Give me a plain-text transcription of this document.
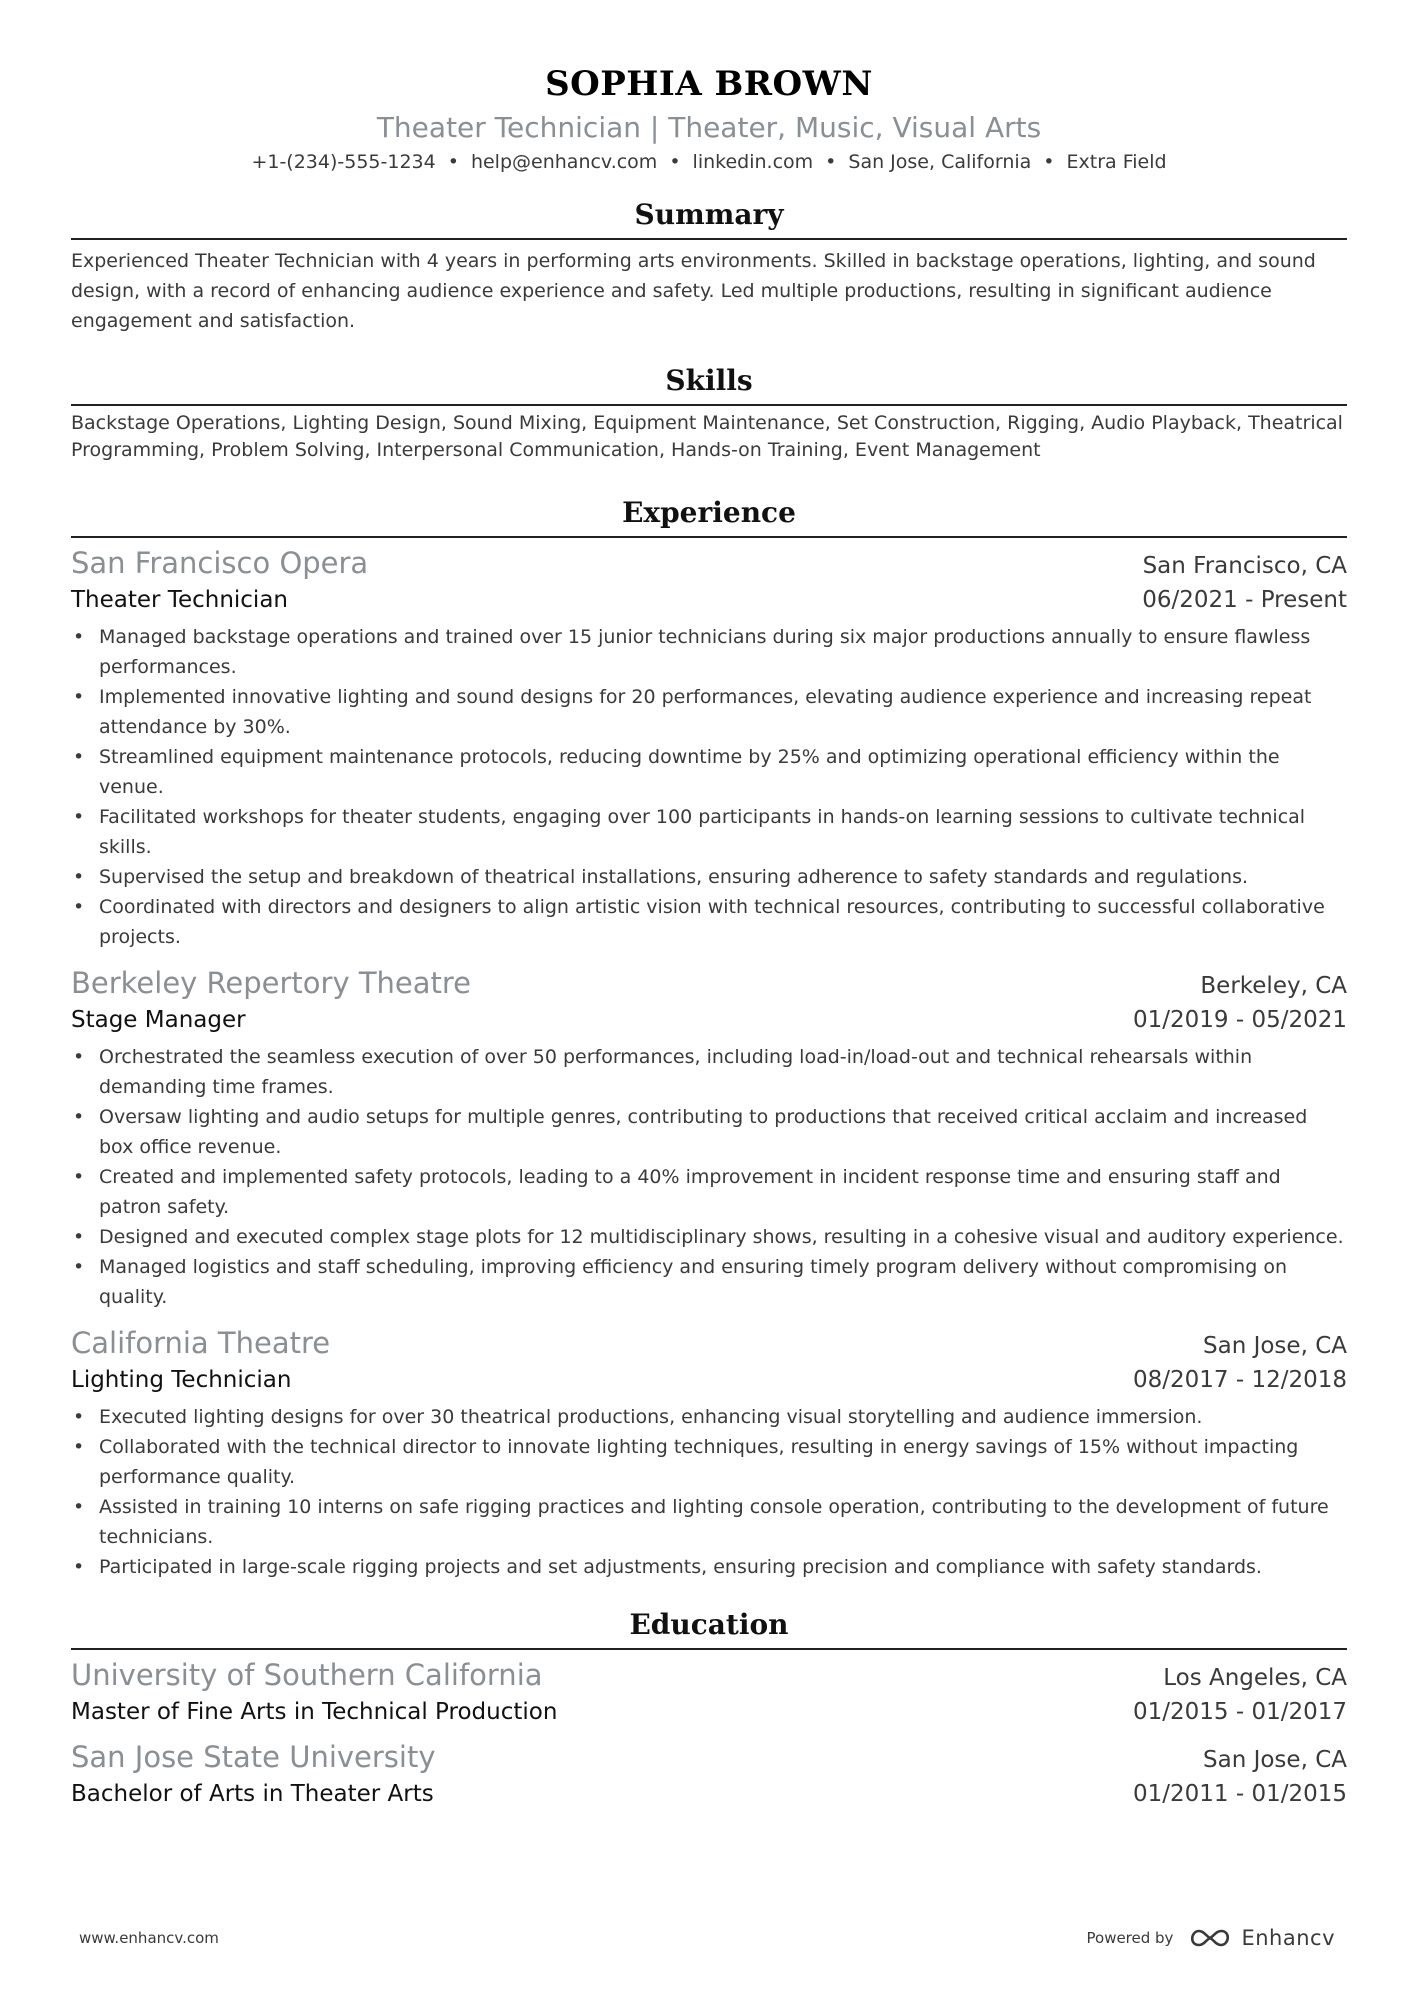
SOPHIA BROWN
Theater Technician | Theater, Music, Visual Arts
+1-(234)-555-1234 • help@enhancv.com • linkedin.com • San Jose, California • Extra Field
Summary
Experienced Theater Technician with 4 years in performing arts environments. Skilled in backstage operations, lighting, and sound design, with a record of enhancing audience experience and safety. Led multiple productions, resulting in significant audience engagement and satisfaction.
Skills
Backstage Operations, Lighting Design, Sound Mixing, Equipment Maintenance, Set Construction, Rigging, Audio Playback, Theatrical Programming, Problem Solving, Interpersonal Communication, Hands-on Training, Event Management
Experience
San Francisco Opera	San Francisco, CA
Theater Technician	06/2021 - Present
• Managed backstage operations and trained over 15 junior technicians during six major productions annually to ensure flawless performances.
• Implemented innovative lighting and sound designs for 20 performances, elevating audience experience and increasing repeat attendance by 30%.
• Streamlined equipment maintenance protocols, reducing downtime by 25% and optimizing operational efficiency within the venue.
• Facilitated workshops for theater students, engaging over 100 participants in hands-on learning sessions to cultivate technical skills.
• Supervised the setup and breakdown of theatrical installations, ensuring adherence to safety standards and regulations.
• Coordinated with directors and designers to align artistic vision with technical resources, contributing to successful collaborative projects.
Berkeley Repertory Theatre	Berkeley, CA
Stage Manager	01/2019 - 05/2021
• Orchestrated the seamless execution of over 50 performances, including load-in/load-out and technical rehearsals within demanding time frames.
• Oversaw lighting and audio setups for multiple genres, contributing to productions that received critical acclaim and increased box office revenue.
• Created and implemented safety protocols, leading to a 40% improvement in incident response time and ensuring staff and patron safety.
• Designed and executed complex stage plots for 12 multidisciplinary shows, resulting in a cohesive visual and auditory experience.
• Managed logistics and staff scheduling, improving efficiency and ensuring timely program delivery without compromising on quality.
California Theatre	San Jose, CA
Lighting Technician	08/2017 - 12/2018
• Executed lighting designs for over 30 theatrical productions, enhancing visual storytelling and audience immersion.
• Collaborated with the technical director to innovate lighting techniques, resulting in energy savings of 15% without impacting performance quality.
• Assisted in training 10 interns on safe rigging practices and lighting console operation, contributing to the development of future technicians.
• Participated in large-scale rigging projects and set adjustments, ensuring precision and compliance with safety standards.
Education
University of Southern California	Los Angeles, CA
Master of Fine Arts in Technical Production	01/2015 - 01/2017
San Jose State University	San Jose, CA
Bachelor of Arts in Theater Arts	01/2011 - 01/2015
www.enhancv.com	Powered by	Enhancv
